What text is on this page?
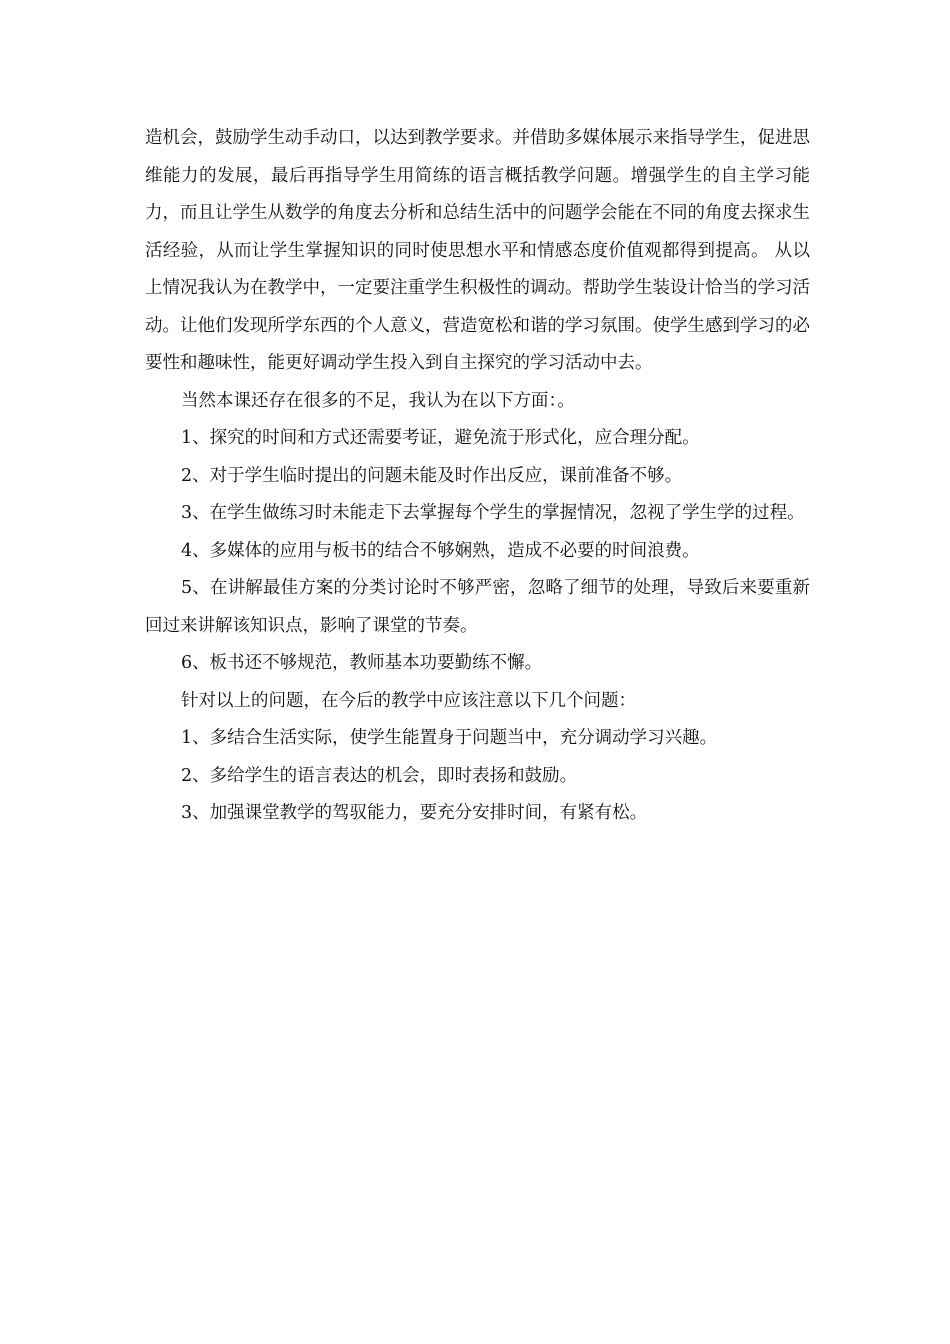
造机会，鼓励学生动手动口，以达到教学要求。并借助多媒体展示来指导学生，促进思维能力的发展，最后再指导学生用简练的语言概括教学问题。增强学生的自主学习能力，而且让学生从数学的角度去分析和总结生活中的问题学会能在不同的角度去探求生活经验，从而让学生掌握知识的同时使思想水平和情感态度价值观都得到提高。 从以上情况我认为在教学中，一定要注重学生积极性的调动。帮助学生装设计恰当的学习活动。让他们发现所学东西的个人意义，营造宽松和谐的学习氛围。使学生感到学习的必要性和趣味性，能更好调动学生投入到自主探究的学习活动中去。

当然本课还存在很多的不足，我认为在以下方面：。

1、探究的时间和方式还需要考证，避免流于形式化，应合理分配。

2、对于学生临时提出的问题未能及时作出反应，课前准备不够。

3、在学生做练习时未能走下去掌握每个学生的掌握情况，忽视了学生学的过程。

4、多媒体的应用与板书的结合不够娴熟，造成不必要的时间浪费。

5、在讲解最佳方案的分类讨论时不够严密，忽略了细节的处理，导致后来要重新回过来讲解该知识点，影响了课堂的节奏。

6、板书还不够规范，教师基本功要勤练不懈。

针对以上的问题，在今后的教学中应该注意以下几个问题：

1、多结合生活实际，使学生能置身于问题当中，充分调动学习兴趣。

2、多给学生的语言表达的机会，即时表扬和鼓励。

3、加强课堂教学的驾驭能力，要充分安排时间，有紧有松。
